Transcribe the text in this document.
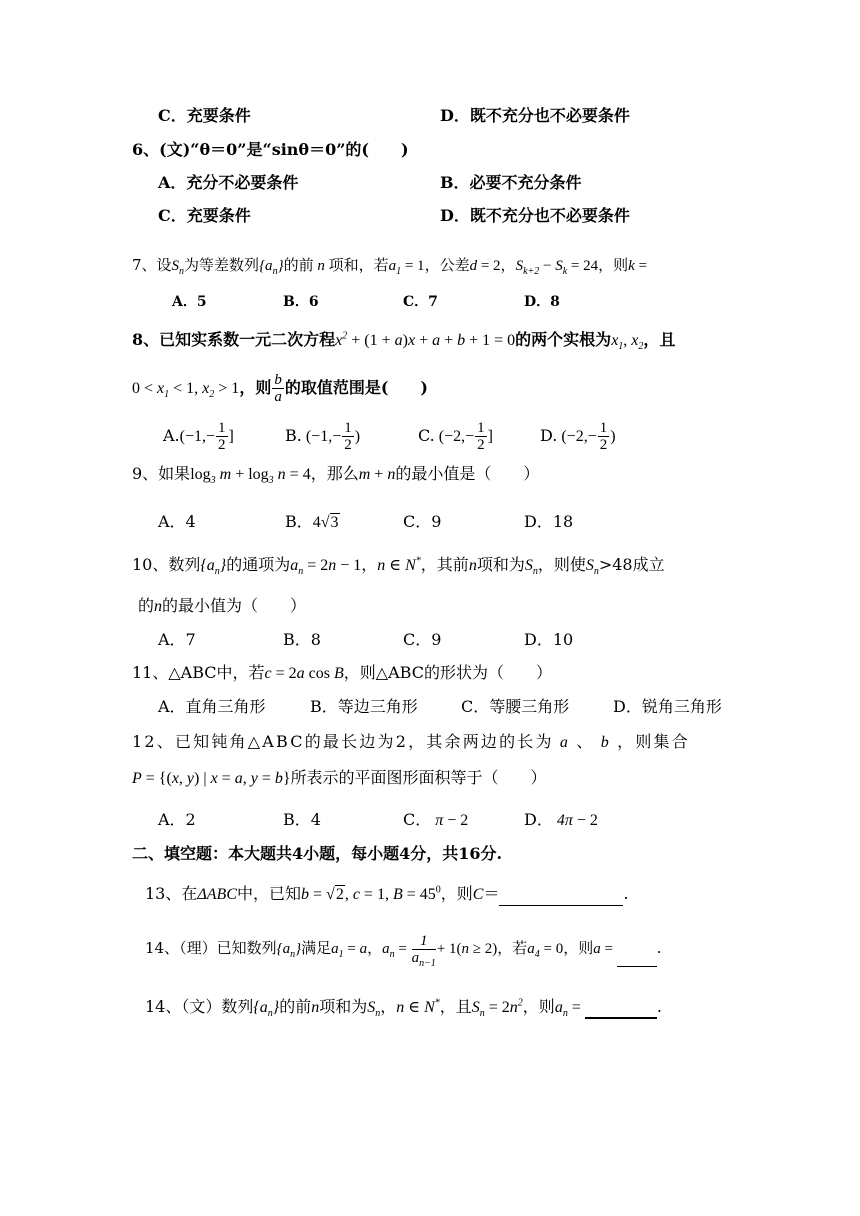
C．充要条件	D．既不充分也不必要条件
6、(文)“θ＝0”是“sinθ＝0”的(　　)
A．充分不必要条件	B．必要不充分条件
C．充要条件	D．既不充分也不必要条件
7、设$S_n$为等差数列$\{a_n\}$的前 n 项和，若$a_1 = 1$，公差d = 2，$S_{k+2} - S_k = 24$，则k =
A．5	B．6	C．7	D．8
8、已知实系数一元二次方程$x^2 + (1 + a)x + a + b + 1 = 0$的两个实根为$x_1$, $x_2$，且
$0 < x_1 < 1$, $x_2 > 1$，则 $\frac{b}{a}$ 的取值范围是(　　)
$A.(-1,- \frac{1}{2}$ ]	B. ($-1,- \frac{1}{2}$ )	C. ($-2,- \frac{1}{2}$ ]	D. ($-2,- \frac{1}{2}$ )
9、如果$\log_3 m + \log_3 n = 4$，那么m + n的最小值是（　　）
A．4	B．4√3	C．9	D．18
10、数列$\{a_n\}$的通项为$a_n = 2n - 1$，n ∈ N*，其前n项和为$S_n$，则使$S_n>48$成立
的n的最小值为（　　）
A．7	B．8	C．9	D．10
11、△ABC中，若c = 2a cos B，则△ABC的形状为（　　）
A．直角三角形	B．等边三角形	C．等腰三角形	D．锐角三角形
12、已知钝角△ABC的最长边为2，其余两边的长为 a 、 b ，则集合
P = {(x, y) | x = a, y = b}所表示的平面图形面积等于（　　）
A．2	B．4	C． π − 2	D． 4π − 2
二、填空题：本大题共4小题，每小题4分，共16分.
13、在ΔABC中，已知b = √2, c = 1, $B = 45^0$，则C＝	.
14、（理）已知数列$\{a_n\}$满足$a_1 = a$，$a_n = \frac{1}{a_{n-1}} + 1(n \ge 2)$，若$a_4 = 0$，则a =	.
14、（文）数列$\{a_n\}$的前n项和为$S_n$，n ∈ N*，且$S_n = 2n^2$，则$a_n$ =	.
